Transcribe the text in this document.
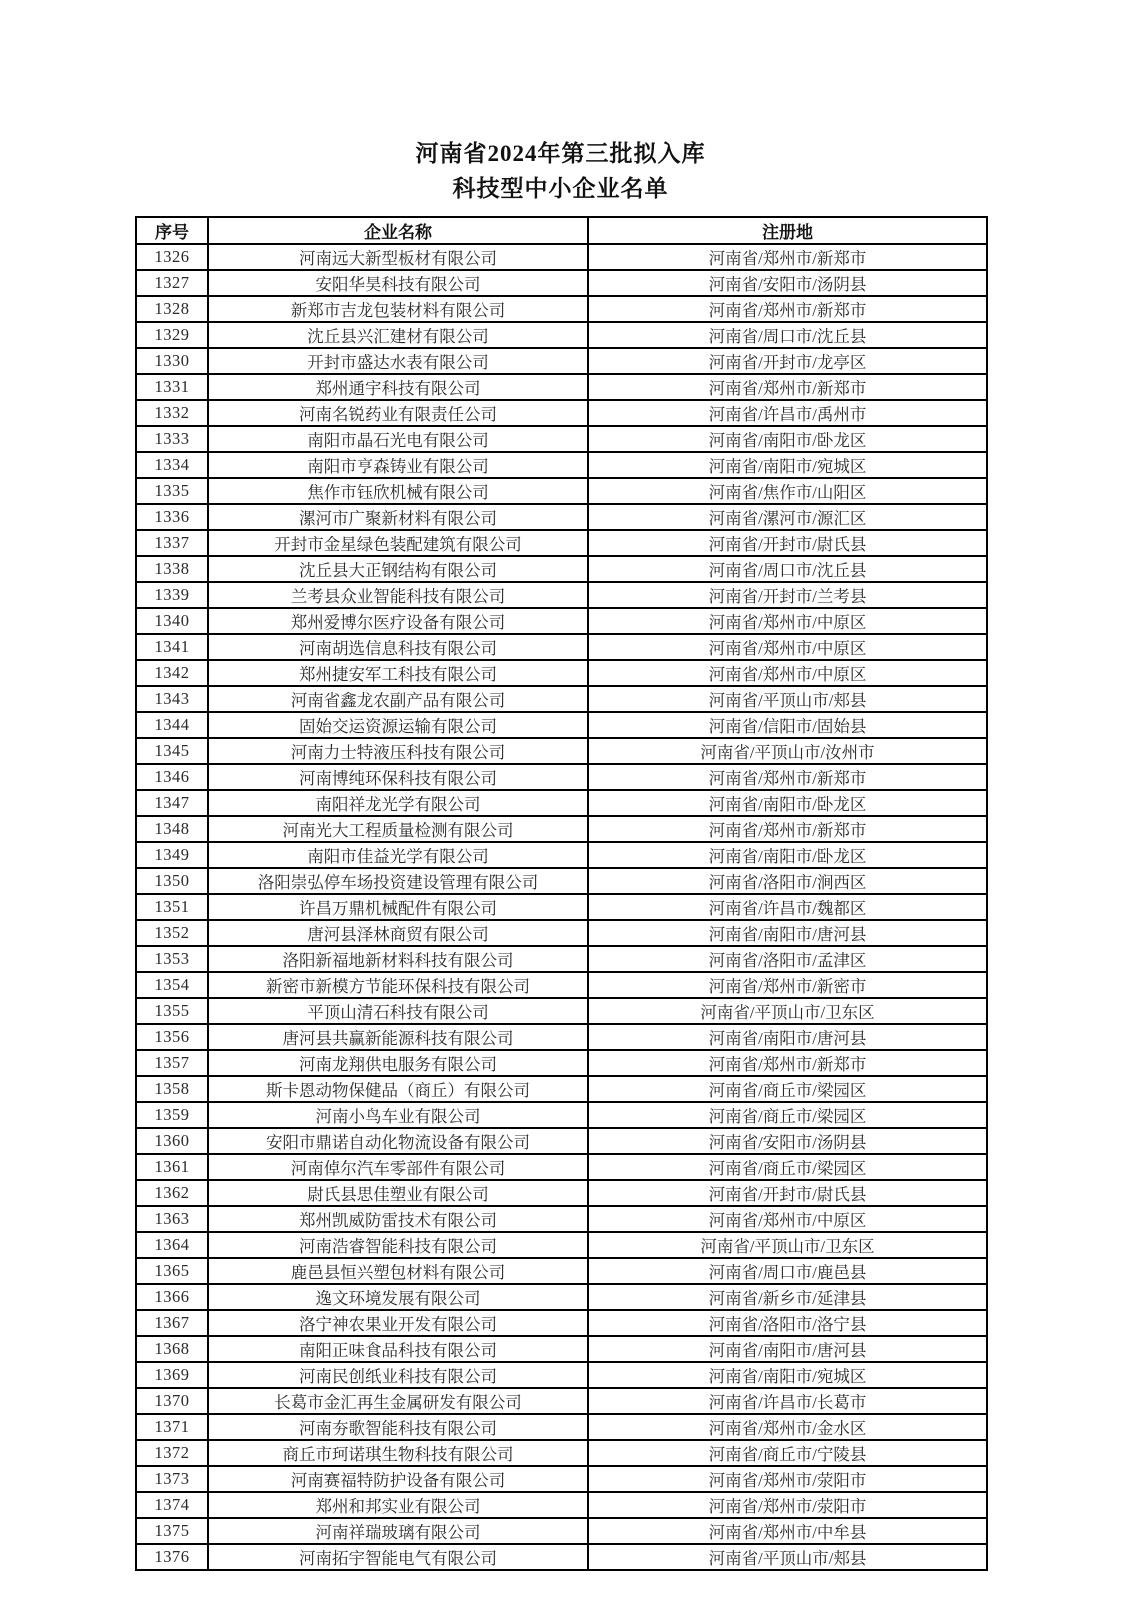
河南省2024年第三批拟入库
科技型中小企业名单
序号	企业名称	注册地
1326	河南远大新型板材有限公司	河南省/郑州市/新郑市
1327	安阳华昊科技有限公司	河南省/安阳市/汤阴县
1328	新郑市吉龙包装材料有限公司	河南省/郑州市/新郑市
1329	沈丘县兴汇建材有限公司	河南省/周口市/沈丘县
1330	开封市盛达水表有限公司	河南省/开封市/龙亭区
1331	郑州通宇科技有限公司	河南省/郑州市/新郑市
1332	河南名锐药业有限责任公司	河南省/许昌市/禹州市
1333	南阳市晶石光电有限公司	河南省/南阳市/卧龙区
1334	南阳市亨森铸业有限公司	河南省/南阳市/宛城区
1335	焦作市钰欣机械有限公司	河南省/焦作市/山阳区
1336	漯河市广聚新材料有限公司	河南省/漯河市/源汇区
1337	开封市金星绿色装配建筑有限公司	河南省/开封市/尉氏县
1338	沈丘县大正钢结构有限公司	河南省/周口市/沈丘县
1339	兰考县众业智能科技有限公司	河南省/开封市/兰考县
1340	郑州爱博尔医疗设备有限公司	河南省/郑州市/中原区
1341	河南胡选信息科技有限公司	河南省/郑州市/中原区
1342	郑州捷安军工科技有限公司	河南省/郑州市/中原区
1343	河南省鑫龙农副产品有限公司	河南省/平顶山市/郏县
1344	固始交运资源运输有限公司	河南省/信阳市/固始县
1345	河南力士特液压科技有限公司	河南省/平顶山市/汝州市
1346	河南博纯环保科技有限公司	河南省/郑州市/新郑市
1347	南阳祥龙光学有限公司	河南省/南阳市/卧龙区
1348	河南光大工程质量检测有限公司	河南省/郑州市/新郑市
1349	南阳市佳益光学有限公司	河南省/南阳市/卧龙区
1350	洛阳崇弘停车场投资建设管理有限公司	河南省/洛阳市/涧西区
1351	许昌万鼎机械配件有限公司	河南省/许昌市/魏都区
1352	唐河县泽林商贸有限公司	河南省/南阳市/唐河县
1353	洛阳新福地新材料科技有限公司	河南省/洛阳市/孟津区
1354	新密市新模方节能环保科技有限公司	河南省/郑州市/新密市
1355	平顶山清石科技有限公司	河南省/平顶山市/卫东区
1356	唐河县共赢新能源科技有限公司	河南省/南阳市/唐河县
1357	河南龙翔供电服务有限公司	河南省/郑州市/新郑市
1358	斯卡恩动物保健品（商丘）有限公司	河南省/商丘市/梁园区
1359	河南小鸟车业有限公司	河南省/商丘市/梁园区
1360	安阳市鼎诺自动化物流设备有限公司	河南省/安阳市/汤阴县
1361	河南倬尔汽车零部件有限公司	河南省/商丘市/梁园区
1362	尉氏县思佳塑业有限公司	河南省/开封市/尉氏县
1363	郑州凯威防雷技术有限公司	河南省/郑州市/中原区
1364	河南浩睿智能科技有限公司	河南省/平顶山市/卫东区
1365	鹿邑县恒兴塑包材料有限公司	河南省/周口市/鹿邑县
1366	逸文环境发展有限公司	河南省/新乡市/延津县
1367	洛宁神农果业开发有限公司	河南省/洛阳市/洛宁县
1368	南阳正味食品科技有限公司	河南省/南阳市/唐河县
1369	河南民创纸业科技有限公司	河南省/南阳市/宛城区
1370	长葛市金汇再生金属研发有限公司	河南省/许昌市/长葛市
1371	河南夯歌智能科技有限公司	河南省/郑州市/金水区
1372	商丘市珂诺琪生物科技有限公司	河南省/商丘市/宁陵县
1373	河南赛福特防护设备有限公司	河南省/郑州市/荥阳市
1374	郑州和邦实业有限公司	河南省/郑州市/荥阳市
1375	河南祥瑞玻璃有限公司	河南省/郑州市/中牟县
1376	河南拓宇智能电气有限公司	河南省/平顶山市/郏县
